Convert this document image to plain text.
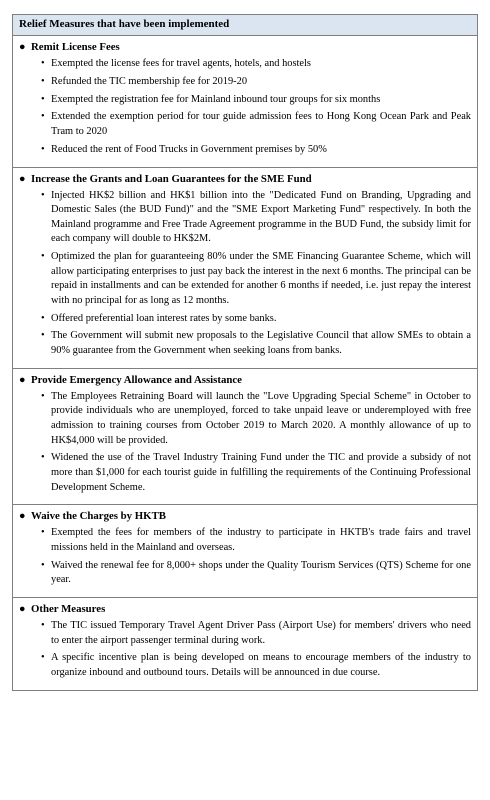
Relief Measures that have been implemented
● Remit License Fees
• Exempted the license fees for travel agents, hotels, and hostels
• Refunded the TIC membership fee for 2019-20
• Exempted the registration fee for Mainland inbound tour groups for six months
• Extended the exemption period for tour guide admission fees to Hong Kong Ocean Park and Peak Tram to 2020
• Reduced the rent of Food Trucks in Government premises by 50%
● Increase the Grants and Loan Guarantees for the SME Fund
• Injected HK$2 billion and HK$1 billion into the "Dedicated Fund on Branding, Upgrading and Domestic Sales (the BUD Fund)" and the "SME Export Marketing Fund" respectively. In both the Mainland programme and Free Trade Agreement programme in the BUD Fund, the subsidy limit for each company will double to HK$2M.
• Optimized the plan for guaranteeing 80% under the SME Financing Guarantee Scheme, which will allow participating enterprises to just pay back the interest in the next 6 months. The principal can be repaid in installments and can be extended for another 6 months if needed, i.e. just repay the interest with no principal for as long as 12 months.
• Offered preferential loan interest rates by some banks.
• The Government will submit new proposals to the Legislative Council that allow SMEs to obtain a 90% guarantee from the Government when seeking loans from banks.
● Provide Emergency Allowance and Assistance
• The Employees Retraining Board will launch the "Love Upgrading Special Scheme" in October to provide individuals who are unemployed, forced to take unpaid leave or underemployed with free admission to training courses from October 2019 to March 2020. A monthly allowance of up to HK$4,000 will be provided.
• Widened the use of the Travel Industry Training Fund under the TIC and provide a subsidy of not more than $1,000 for each tourist guide in fulfilling the requirements of the Continuing Professional Development Scheme.
● Waive the Charges by HKTB
• Exempted the fees for members of the industry to participate in HKTB's trade fairs and travel missions held in the Mainland and overseas.
• Waived the renewal fee for 8,000+ shops under the Quality Tourism Services (QTS) Scheme for one year.
● Other Measures
• The TIC issued Temporary Travel Agent Driver Pass (Airport Use) for members' drivers who need to enter the airport passenger terminal during work.
• A specific incentive plan is being developed on means to encourage members of the industry to organize inbound and outbound tours. Details will be announced in due course.
